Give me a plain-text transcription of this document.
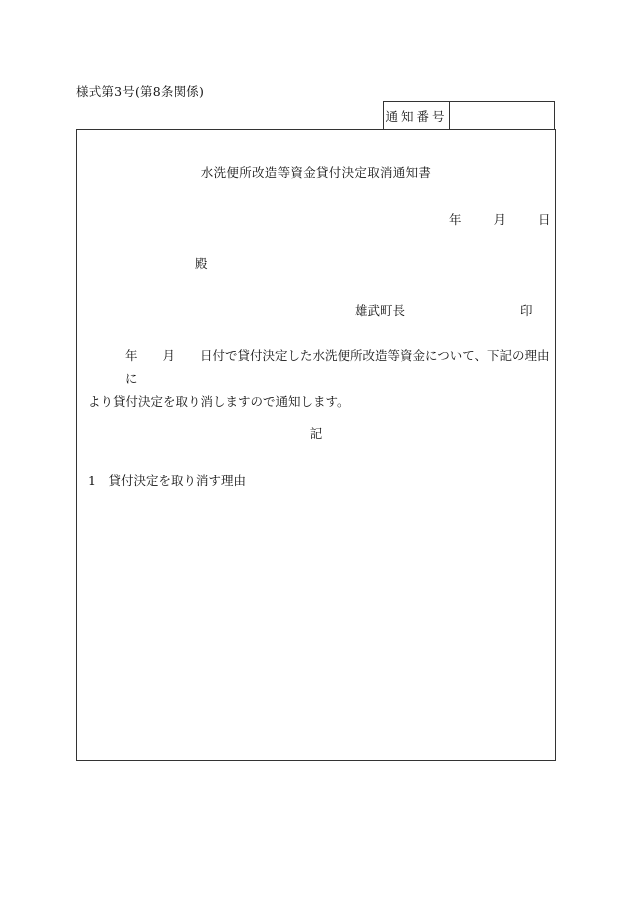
様式第3号(第8条関係)
通知番号
水洗便所改造等資金貸付決定取消通知書
年	月	日
殿
雄武町長	印

年　　月　　日付で貸付決定した水洗便所改造等資金について、下記の理由に

より貸付決定を取り消しますので通知します。

記
1　貸付決定を取り消す理由
